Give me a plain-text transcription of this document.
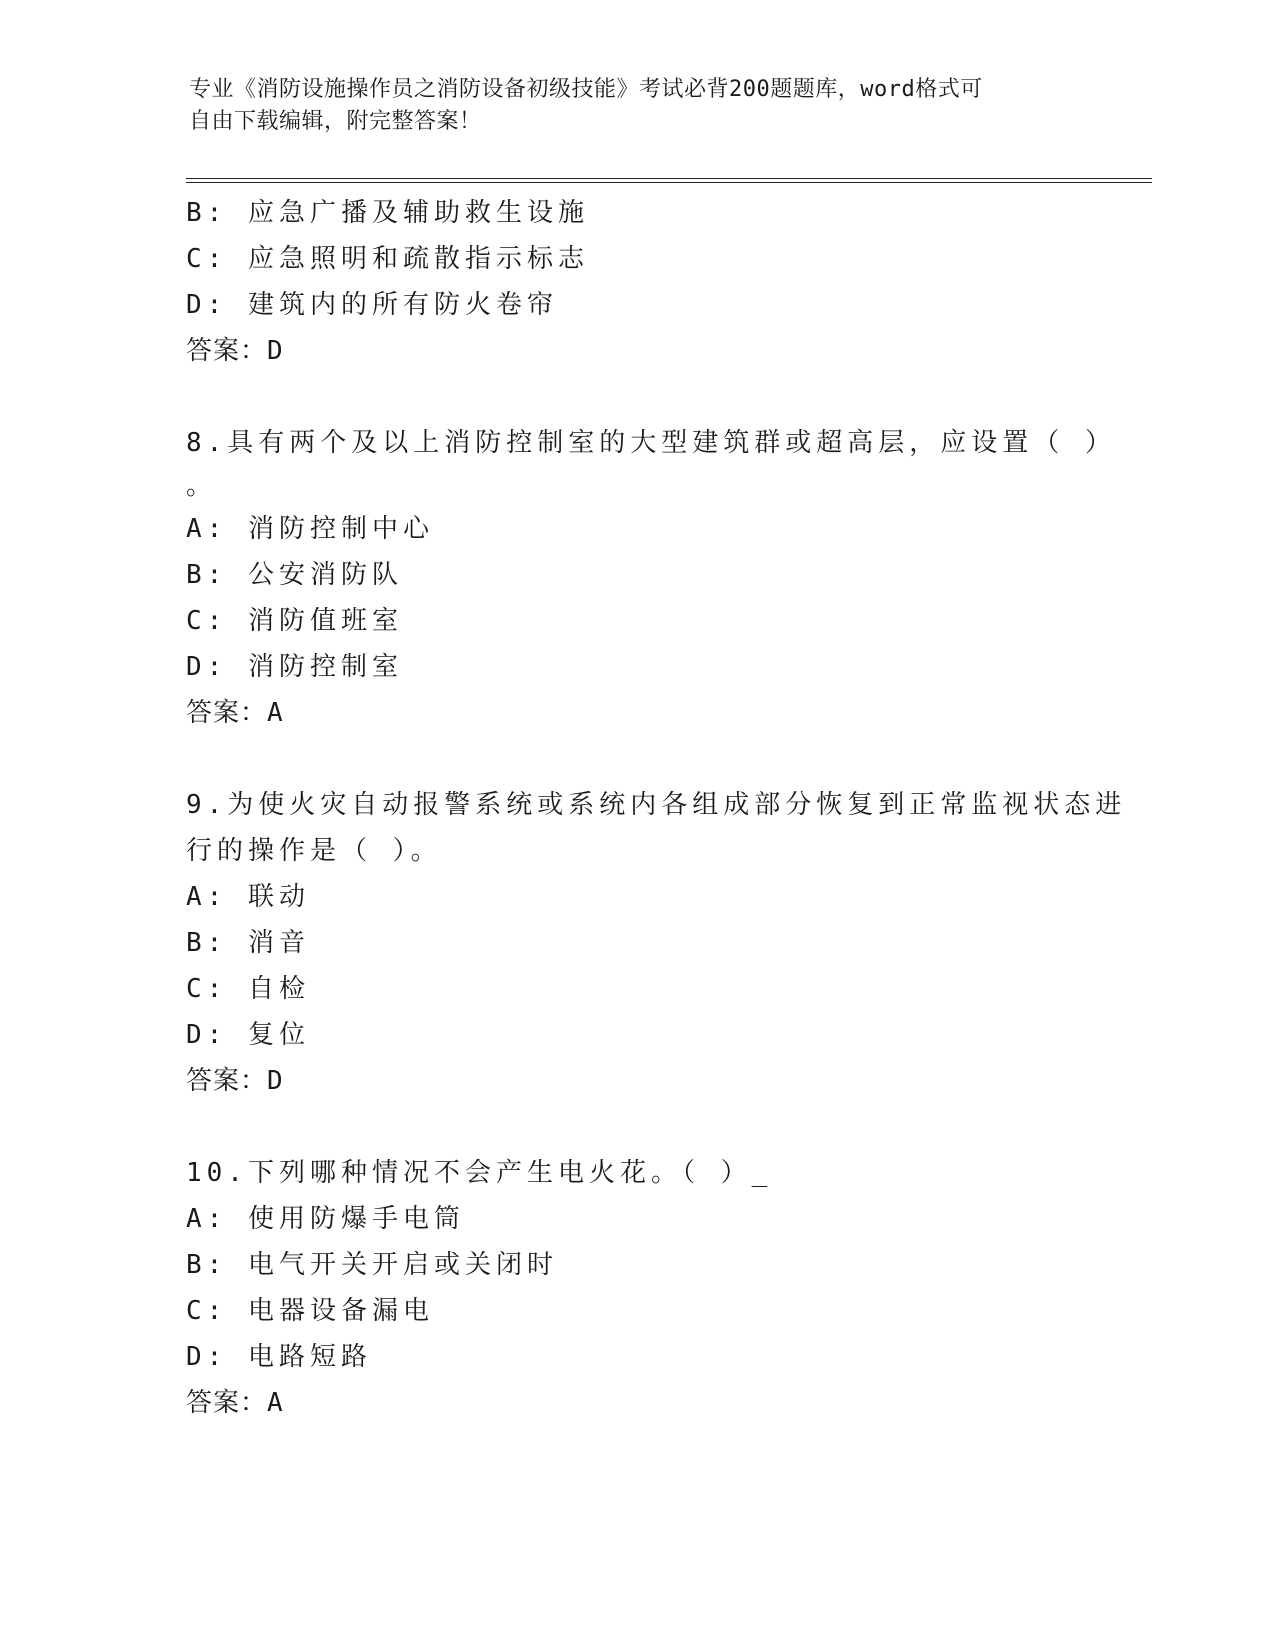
专业《消防设施操作员之消防设备初级技能》考试必背200题题库，word格式可
自由下载编辑，附完整答案！
B: 应急广播及辅助救生设施
C: 应急照明和疏散指示标志
D: 建筑内的所有防火卷帘
答案：D
8.具有两个及以上消防控制室的大型建筑群或超高层，应设置（ ）
。
A: 消防控制中心
B: 公安消防队
C: 消防值班室
D: 消防控制室
答案：A
9.为使火灾自动报警系统或系统内各组成部分恢复到正常监视状态进
行的操作是（ ）。
A: 联动
B: 消音
C: 自检
D: 复位
答案：D
10.下列哪种情况不会产生电火花。（ ）_
A: 使用防爆手电筒
B: 电气开关开启或关闭时
C: 电器设备漏电
D: 电路短路
答案：A
